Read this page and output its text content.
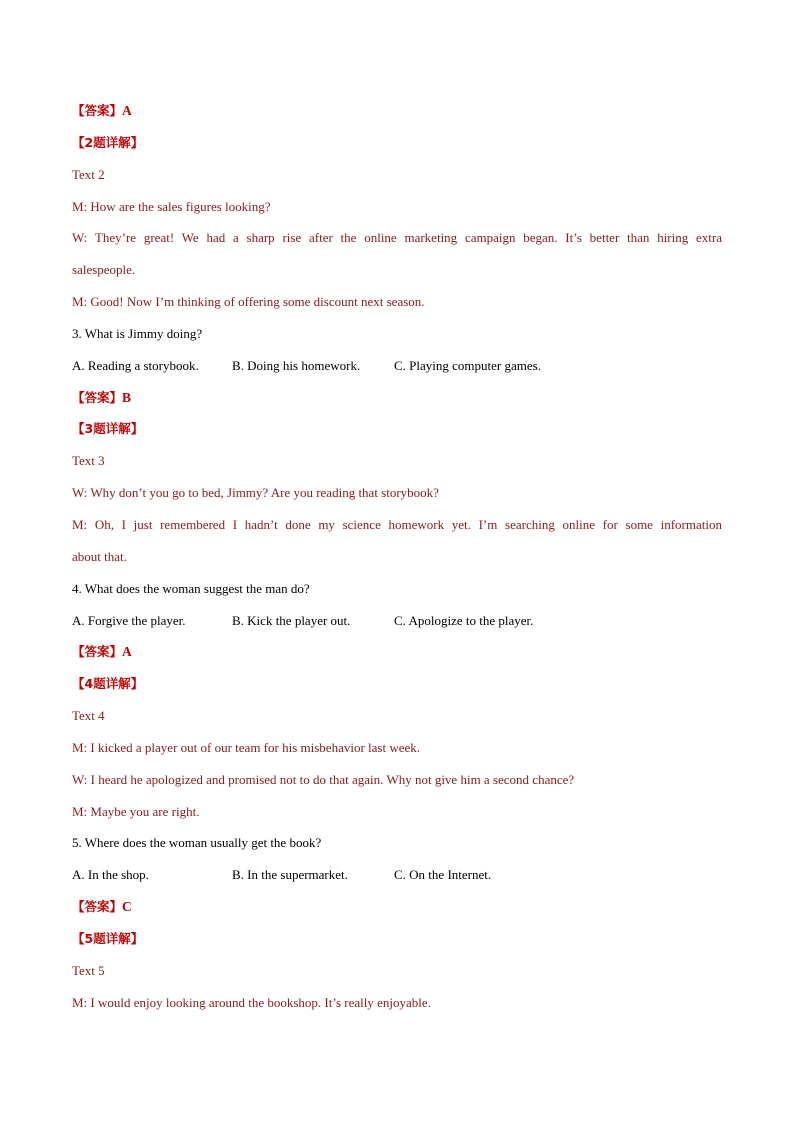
【答案】A
【2题详解】
Text 2
M: How are the sales figures looking?
W: They’re great! We had a sharp rise after the online marketing campaign began. It’s better than hiring extra
salespeople.
M: Good! Now I’m thinking of offering some discount next season.
3. What is Jimmy doing?
A. Reading a storybook.	B. Doing his homework.	C. Playing computer games.
【答案】B
【3题详解】
Text 3
W: Why don’t you go to bed, Jimmy? Are you reading that storybook?
M: Oh, I just remembered I hadn’t done my science homework yet. I’m searching online for some information
about that.
4. What does the woman suggest the man do?
A. Forgive the player.	B. Kick the player out.	C. Apologize to the player.
【答案】A
【4题详解】
Text 4
M: I kicked a player out of our team for his misbehavior last week.
W: I heard he apologized and promised not to do that again. Why not give him a second chance?
M: Maybe you are right.
5. Where does the woman usually get the book?
A. In the shop.	B. In the supermarket.	C. On the Internet.
【答案】C
【5题详解】
Text 5
M: I would enjoy looking around the bookshop. It’s really enjoyable.
